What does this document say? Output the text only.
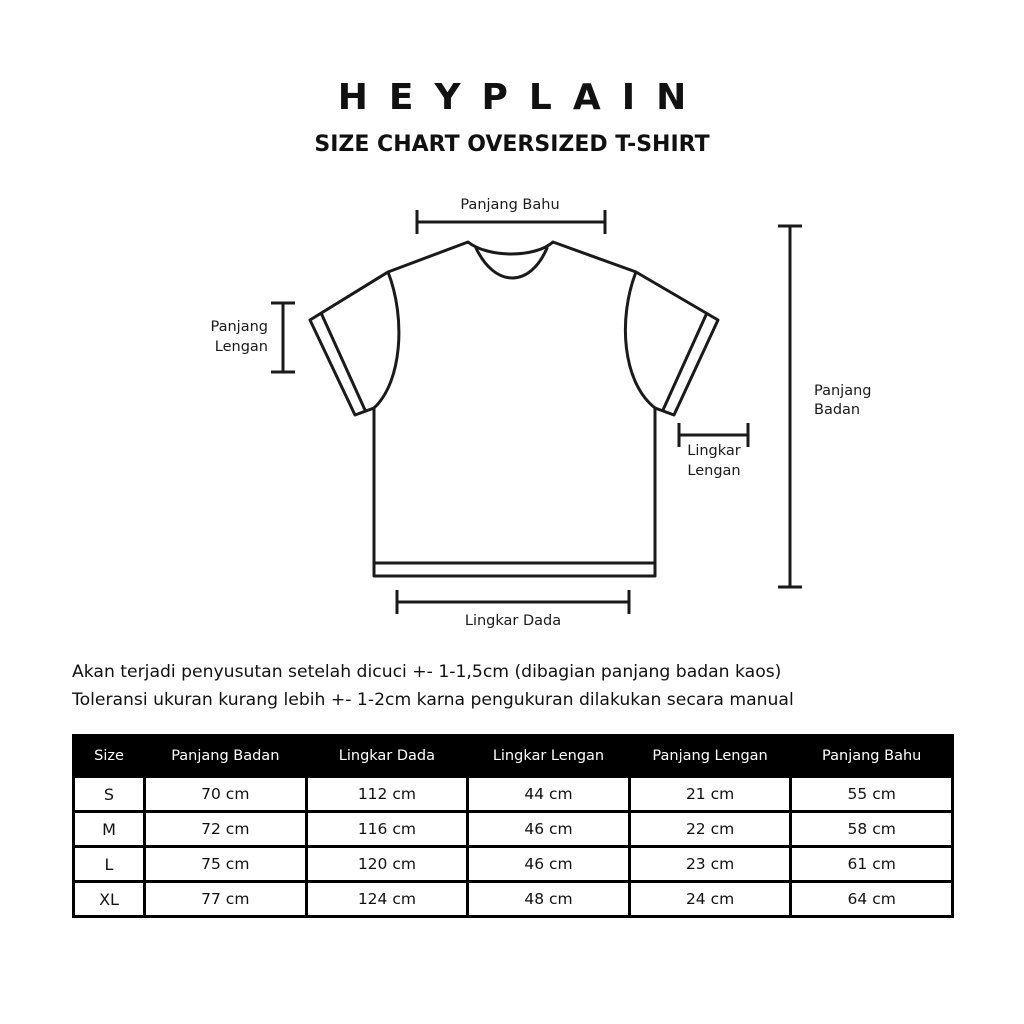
HEYPLAIN
SIZE CHART OVERSIZED T-SHIRT
Panjang Bahu
Panjang
Lengan
Panjang
Badan
Lingkar
Lengan
Lingkar Dada
Akan terjadi penyusutan setelah dicuci +- 1-1,5cm (dibagian panjang badan kaos)
Toleransi ukuran kurang lebih +- 1-2cm karna pengukuran dilakukan secara manual
Size	Panjang Badan	Lingkar Dada	Lingkar Lengan	Panjang Lengan	Panjang Bahu
S	70 cm	112 cm	44 cm	21 cm	55 cm
M	72 cm	116 cm	46 cm	22 cm	58 cm
L	75 cm	120 cm	46 cm	23 cm	61 cm
XL	77 cm	124 cm	48 cm	24 cm	64 cm
